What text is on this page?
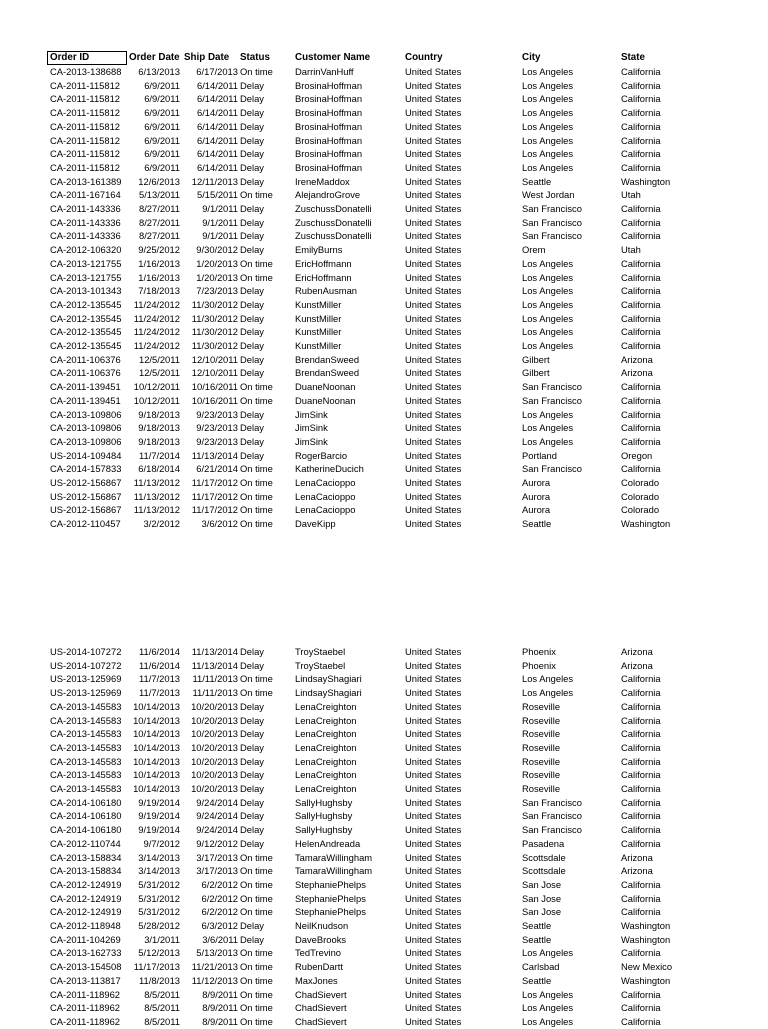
Order ID	Order Date Ship Date Status	Customer Name	Country	City	State
CA-2013-138688	6/13/2013	6/17/2013 On time DarrinVanHuff	United States	Los Angeles	California
CA-2011-115812	6/9/2011	6/14/2011 Delay	BrosinaHoffman	United States	Los Angeles	California
CA-2011-115812	6/9/2011	6/14/2011 Delay	BrosinaHoffman	United States	Los Angeles	California
CA-2011-115812	6/9/2011	6/14/2011 Delay	BrosinaHoffman	United States	Los Angeles	California
CA-2011-115812	6/9/2011	6/14/2011 Delay	BrosinaHoffman	United States	Los Angeles	California
CA-2011-115812	6/9/2011	6/14/2011 Delay	BrosinaHoffman	United States	Los Angeles	California
CA-2011-115812	6/9/2011	6/14/2011 Delay	BrosinaHoffman	United States	Los Angeles	California
CA-2011-115812	6/9/2011	6/14/2011 Delay	BrosinaHoffman	United States	Los Angeles	California
CA-2013-161389	12/6/2013	12/11/2013 Delay	IreneMaddox	United States	Seattle	Washington
CA-2011-167164	5/13/2011	5/15/2011 On time AlejandroGrove	United States	West Jordan	Utah
CA-2011-143336	8/27/2011	9/1/2011 Delay	ZuschussDonatelli	United States	San Francisco	California
CA-2011-143336	8/27/2011	9/1/2011 Delay	ZuschussDonatelli	United States	San Francisco	California
CA-2011-143336	8/27/2011	9/1/2011 Delay	ZuschussDonatelli	United States	San Francisco	California
CA-2012-106320	9/25/2012	9/30/2012 Delay	EmilyBurns	United States	Orem	Utah
CA-2013-121755	1/16/2013	1/20/2013 On time EricHoffmann	United States	Los Angeles	California
CA-2013-121755	1/16/2013	1/20/2013 On time EricHoffmann	United States	Los Angeles	California
CA-2013-101343	7/18/2013	7/23/2013 Delay	RubenAusman	United States	Los Angeles	California
CA-2012-135545	11/24/2012	11/30/2012 Delay	KunstMiller	United States	Los Angeles	California
CA-2012-135545	11/24/2012	11/30/2012 Delay	KunstMiller	United States	Los Angeles	California
CA-2012-135545	11/24/2012	11/30/2012 Delay	KunstMiller	United States	Los Angeles	California
CA-2012-135545	11/24/2012	11/30/2012 Delay	KunstMiller	United States	Los Angeles	California
CA-2011-106376	12/5/2011	12/10/2011 Delay	BrendanSweed	United States	Gilbert	Arizona
CA-2011-106376	12/5/2011	12/10/2011 Delay	BrendanSweed	United States	Gilbert	Arizona
CA-2011-139451	10/12/2011	10/16/2011 On time DuaneNoonan	United States	San Francisco	California
CA-2011-139451	10/12/2011	10/16/2011 On time DuaneNoonan	United States	San Francisco	California
CA-2013-109806	9/18/2013	9/23/2013 Delay	JimSink	United States	Los Angeles	California
CA-2013-109806	9/18/2013	9/23/2013 Delay	JimSink	United States	Los Angeles	California
CA-2013-109806	9/18/2013	9/23/2013 Delay	JimSink	United States	Los Angeles	California
US-2014-109484	11/7/2014	11/13/2014 Delay	RogerBarcio	United States	Portland	Oregon
CA-2014-157833	6/18/2014	6/21/2014 On time KatherineDucich	United States	San Francisco	California
US-2012-156867	11/13/2012	11/17/2012 On time LenaCacioppo	United States	Aurora	Colorado
US-2012-156867	11/13/2012	11/17/2012 On time LenaCacioppo	United States	Aurora	Colorado
US-2012-156867	11/13/2012	11/17/2012 On time LenaCacioppo	United States	Aurora	Colorado
CA-2012-110457	3/2/2012	3/6/2012 On time DaveKipp	United States	Seattle	Washington
US-2014-107272	11/6/2014	11/13/2014 Delay	TroyStaebel	United States	Phoenix	Arizona
US-2014-107272	11/6/2014	11/13/2014 Delay	TroyStaebel	United States	Phoenix	Arizona
US-2013-125969	11/7/2013	11/11/2013 On time LindsayShagiari	United States	Los Angeles	California
US-2013-125969	11/7/2013	11/11/2013 On time LindsayShagiari	United States	Los Angeles	California
CA-2013-145583	10/14/2013	10/20/2013 Delay	LenaCreighton	United States	Roseville	California
CA-2013-145583	10/14/2013	10/20/2013 Delay	LenaCreighton	United States	Roseville	California
CA-2013-145583	10/14/2013	10/20/2013 Delay	LenaCreighton	United States	Roseville	California
CA-2013-145583	10/14/2013	10/20/2013 Delay	LenaCreighton	United States	Roseville	California
CA-2013-145583	10/14/2013	10/20/2013 Delay	LenaCreighton	United States	Roseville	California
CA-2013-145583	10/14/2013	10/20/2013 Delay	LenaCreighton	United States	Roseville	California
CA-2013-145583	10/14/2013	10/20/2013 Delay	LenaCreighton	United States	Roseville	California
CA-2014-106180	9/19/2014	9/24/2014 Delay	SallyHughsby	United States	San Francisco	California
CA-2014-106180	9/19/2014	9/24/2014 Delay	SallyHughsby	United States	San Francisco	California
CA-2014-106180	9/19/2014	9/24/2014 Delay	SallyHughsby	United States	San Francisco	California
CA-2012-110744	9/7/2012	9/12/2012 Delay	HelenAndreada	United States	Pasadena	California
CA-2013-158834	3/14/2013	3/17/2013 On time TamaraWillingham	United States	Scottsdale	Arizona
CA-2013-158834	3/14/2013	3/17/2013 On time TamaraWillingham	United States	Scottsdale	Arizona
CA-2012-124919	5/31/2012	6/2/2012 On time StephaniePhelps	United States	San Jose	California
CA-2012-124919	5/31/2012	6/2/2012 On time StephaniePhelps	United States	San Jose	California
CA-2012-124919	5/31/2012	6/2/2012 On time StephaniePhelps	United States	San Jose	California
CA-2012-118948	5/28/2012	6/3/2012 Delay	NeilKnudson	United States	Seattle	Washington
CA-2011-104269	3/1/2011	3/6/2011 Delay	DaveBrooks	United States	Seattle	Washington
CA-2013-162733	5/12/2013	5/13/2013 On time TedTrevino	United States	Los Angeles	California
CA-2013-154508	11/17/2013	11/21/2013 On time RubenDartt	United States	Carlsbad	New Mexico
CA-2013-113817	11/8/2013	11/12/2013 On time MaxJones	United States	Seattle	Washington
CA-2011-118962	8/5/2011	8/9/2011 On time ChadSievert	United States	Los Angeles	California
CA-2011-118962	8/5/2011	8/9/2011 On time ChadSievert	United States	Los Angeles	California
CA-2011-118962	8/5/2011	8/9/2011 On time ChadSievert	United States	Los Angeles	California
